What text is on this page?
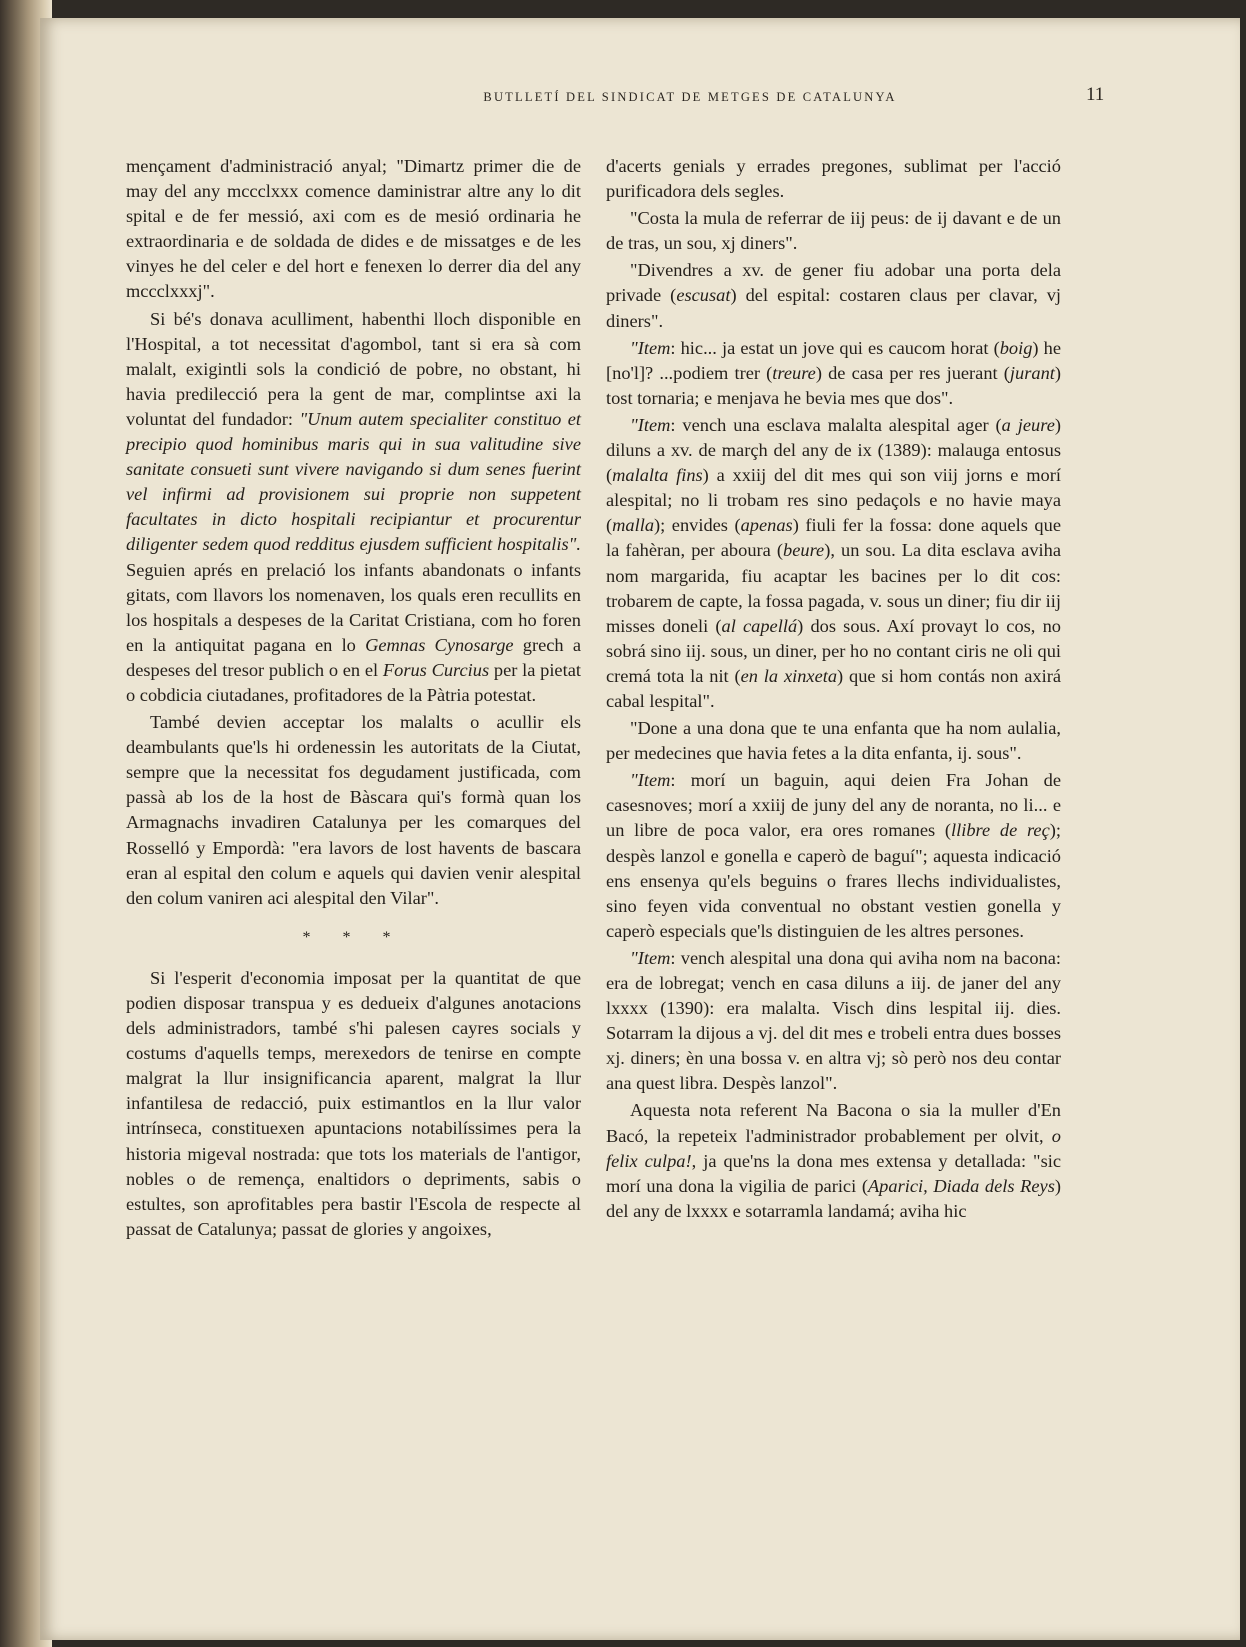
BUTLLETÍ DEL SINDICAT DE METGES DE CATALUNYA	11

mençament d'administració anyal; "Dimartz primer die de may del any mccclxxx comence daministrar altre any lo dit spital e de fer messió, axi com es de mesió ordinaria he extraordinaria e de soldada de dides e de missatges e de les vinyes he del celer e del hort e fenexen lo derrer dia del any mccclxxxj".

Si bé's donava aculliment, habenthi lloch disponible en l'Hospital, a tot necessitat d'agombol, tant si era sà com malalt, exigintli sols la condició de pobre, no obstant, hi havia predilecció pera la gent de mar, complintse axi la voluntat del fundador: "Unum autem specialiter constituo et precipio quod hominibus maris qui in sua valitudine sive sanitate consueti sunt vivere navigando si dum senes fuerint vel infirmi ad provisionem sui proprie non suppetent facultates in dicto hospitali recipiantur et procurentur diligenter sedem quod redditus ejusdem sufficient hospitalis". Seguien aprés en prelació los infants abandonats o infants gitats, com llavors los nomenaven, los quals eren recullits en los hospitals a despeses de la Caritat Cristiana, com ho foren en la antiquitat pagana en lo Gemnas Cynosarge grech a despeses del tresor publich o en el Forus Curcius per la pietat o cobdicia ciutadanes, profitadores de la Pàtria potestat.

També devien acceptar los malalts o acullir els deambulants que'ls hi ordenessin les autoritats de la Ciutat, sempre que la necessitat fos degudament justificada, com passà ab los de la host de Bàscara qui's formà quan los Armagnachs invadiren Catalunya per les comarques del Rosselló y Empordà: "era lavors de lost havents de bascara eran al espital den colum e aquels qui davien venir alespital den colum vaniren aci alespital den Vilar".

* * *

Si l'esperit d'economia imposat per la quantitat de que podien disposar transpua y es dedueix d'algunes anotacions dels administradors, també s'hi palesen cayres socials y costums d'aquells temps, merexedors de tenirse en compte malgrat la llur insignificancia aparent, malgrat la llur infantilesa de redacció, puix estimantlos en la llur valor intrínseca, constituexen apuntacions notabilíssimes pera la historia migeval nostrada: que tots los materials de l'antigor, nobles o de remença, enaltidors o depriments, sabis o estultes, son aprofitables pera bastir l'Escola de respecte al passat de Catalunya; passat de glories y angoixes,

d'acerts genials y errades pregones, sublimat per l'acció purificadora dels segles.

"Costa la mula de referrar de iij peus: de ij davant e de un de tras, un sou, xj diners".

"Divendres a xv. de gener fiu adobar una porta dela privade (escusat) del espital: costaren claus per clavar, vj diners".

"Item: hic... ja estat un jove qui es caucom horat (boig) he [no'l]? ...podiem trer (treure) de casa per res juerant (jurant) tost tornaria; e menjava he bevia mes que dos".

"Item: vench una esclava malalta alespital ager (a jeure) diluns a xv. de marçh del any de ix (1389): malauga entosus (malalta fins) a xxiij del dit mes qui son viij jorns e morí alespital; no li trobam res sino pedaçols e no havie maya (malla); envides (apenas) fiuli fer la fossa: done aquels que la fahèran, per aboura (beure), un sou. La dita esclava aviha nom margarida, fiu acaptar les bacines per lo dit cos: trobarem de capte, la fossa pagada, v. sous un diner; fiu dir iij misses doneli (al capellá) dos sous. Axí provayt lo cos, no sobrá sino iij. sous, un diner, per ho no contant ciris ne oli qui cremá tota la nit (en la xinxeta) que si hom contás non axirá cabal lespital".

"Done a una dona que te una enfanta que ha nom aulalia, per medecines que havia fetes a la dita enfanta, ij. sous".

"Item: morí un baguin, aqui deien Fra Johan de casesnoves; morí a xxiij de juny del any de noranta, no li... e un libre de poca valor, era ores romanes (llibre de reç); despès lanzol e gonella e caperò de baguí"; aquesta indicació ens ensenya qu'els beguins o frares llechs individualistes, sino feyen vida conventual no obstant vestien gonella y caperò especials que'ls distinguien de les altres persones.

"Item: vench alespital una dona qui aviha nom na bacona: era de lobregat; vench en casa diluns a iij. de janer del any lxxxx (1390): era malalta. Visch dins lespital iij. dies. Sotarram la dijous a vj. del dit mes e trobeli entra dues bosses xj. diners; èn una bossa v. en altra vj; sò però nos deu contar ana quest libra. Despès lanzol".

Aquesta nota referent Na Bacona o sia la muller d'En Bacó, la repeteix l'administrador probablement per olvit, o felix culpa!, ja que'ns la dona mes extensa y detallada: "sic morí una dona la vigilia de parici (Aparici, Diada dels Reys) del any de lxxxx e sotarramla landamá; aviha hic
